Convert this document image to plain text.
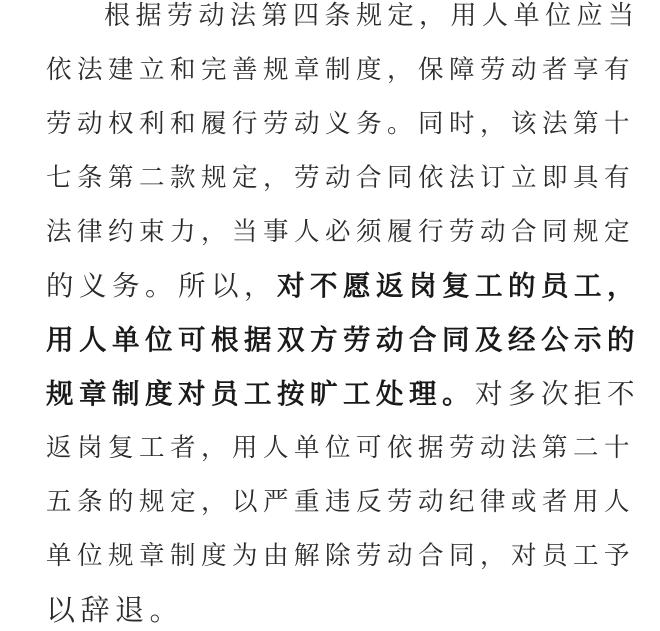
根据劳动法第四条规定，用人单位应当
依法建立和完善规章制度，保障劳动者享有
劳动权利和履行劳动义务。同时，该法第十
七条第二款规定，劳动合同依法订立即具有
法律约束力，当事人必须履行劳动合同规定
的义务。所以，对不愿返岗复工的员工，
用人单位可根据双方劳动合同及经公示的
规章制度对员工按旷工处理。对多次拒不
返岗复工者，用人单位可依据劳动法第二十
五条的规定，以严重违反劳动纪律或者用人
单位规章制度为由解除劳动合同，对员工予
以辞退。
